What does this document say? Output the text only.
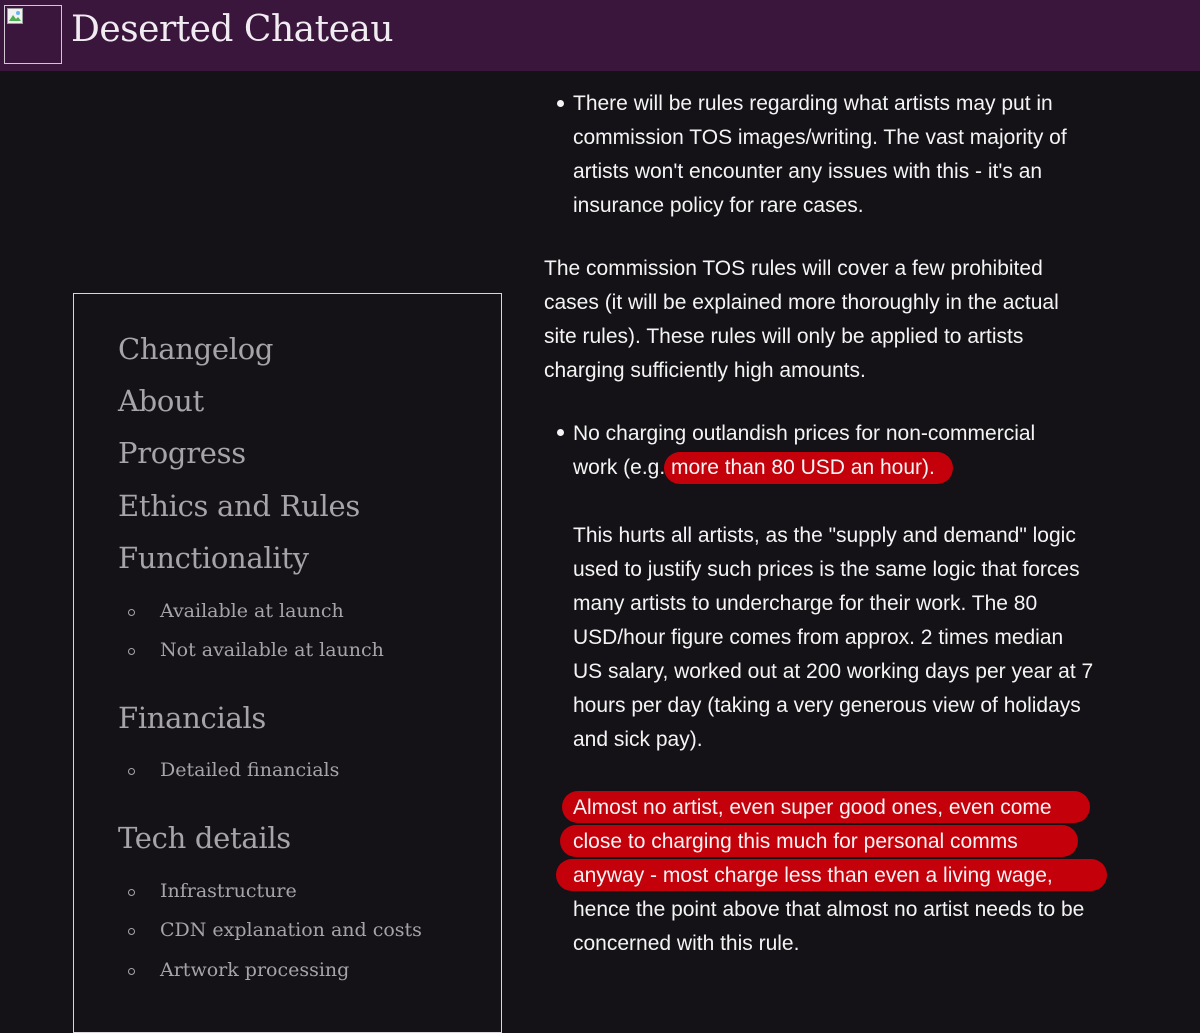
Deserted Chateau
Changelog
About
Progress
Ethics and Rules
Functionality
Available at launch
Not available at launch
Financials
Detailed financials
Tech details
Infrastructure
CDN explanation and costs
Artwork processing
There will be rules regarding what artists may put in
commission TOS images/writing. The vast majority of
artists won't encounter any issues with this - it's an
insurance policy for rare cases.
The commission TOS rules will cover a few prohibited
cases (it will be explained more thoroughly in the actual
site rules). These rules will only be applied to artists
charging sufficiently high amounts.
No charging outlandish prices for non-commercial
work (e.g. more than 80 USD an hour).
This hurts all artists, as the "supply and demand" logic
used to justify such prices is the same logic that forces
many artists to undercharge for their work. The 80
USD/hour figure comes from approx. 2 times median
US salary, worked out at 200 working days per year at 7
hours per day (taking a very generous view of holidays
and sick pay).
Almost no artist, even super good ones, even come
close to charging this much for personal comms
anyway - most charge less than even a living wage,
hence the point above that almost no artist needs to be
concerned with this rule.
